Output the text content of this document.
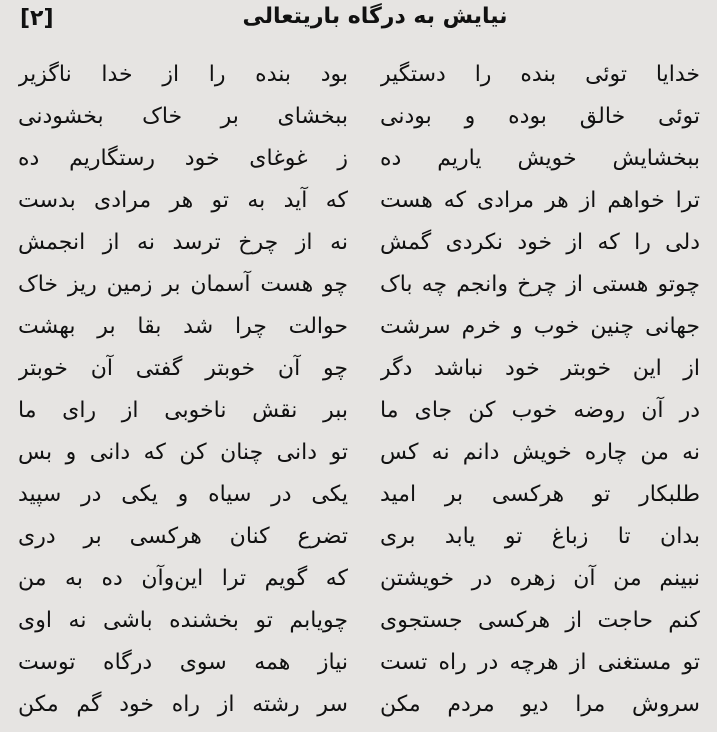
[۲]	نیایش به درگاه باریتعالی
خدایا توئی بنده را دستگیر
بود بنده را از خدا ناگزیر
توئی خالق بوده و بودنی
ببخشای بر خاک بخشودنی
ببخشایش خویش یاریم ده
ز غوغای خود رستگاریم ده
ترا خواهم از هر مرادی که هست
که آید به تو هر مرادی بدست
دلی را که از خود نکردی گمش
نه از چرخ ترسد نه از انجمش
چوتو هستی از چرخ وانجم چه باک
چو هست آسمان بر زمین ریز خاک
جهانی چنین خوب و خرم سرشت
حوالت چرا شد بقا بر بهشت
از این خوبتر خود نباشد دگر
چو آن خوبتر گفتی آن خوبتر
در آن روضه خوب کن جای ما
ببر نقش ناخوبی از رای ما
نه من چاره خویش دانم نه کس
تو دانی چنان کن که دانی و بس
طلبکار تو هرکسی بر امید
یکی در سیاه و یکی در سپید
بدان تا زباغ تو یابد بری
تضرع کنان هرکسی بر دری
نبینم من آن زهره در خویشتن
که گویم ترا این‌وآن ده به من
کنم حاجت از هرکسی جستجوی
چویابم تو بخشنده باشی نه اوی
تو مستغنی از هرچه در راه تست
نیاز همه سوی درگاه توست
سروش مرا دیو مردم مکن
سر رشته از راه خود گم مکن
